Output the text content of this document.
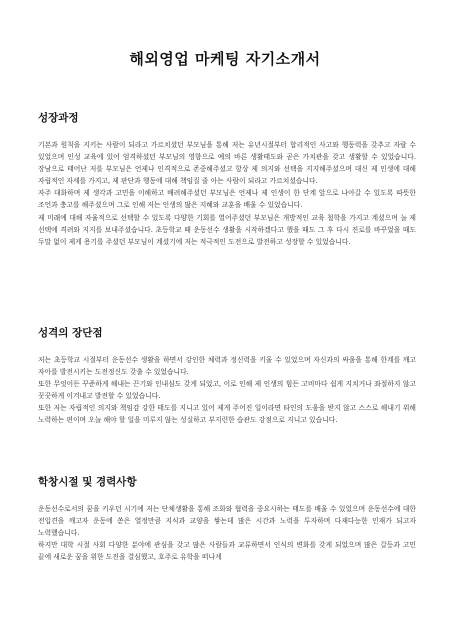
해외영업 마케팅 자기소개서
성장과정

기본과 원칙을 지키는 사람이 되라고 가르치셨던 부모님을 통해 저는 유년시절부터 합리적인 사고와 행동력을 갖추고 자랄 수 있었으며 인성 교육에 있어 엄격하셨던 부모님의 영향으로 예의 바른 생활태도와 곧은 가치관을 갖고 생활할 수 있었습니다. 장남으로 태어난 저를 부모님은 언제나 인격적으로 존중해주셨고 항상 제 의지와 선택을 지지해주셨으며 대신 제 인생에 대해 자립적인 자세를 가지고, 제 판단과 행동에 대해 책임질 줄 아는 사람이 되라고 가르치셨습니다.

자주 대화하며 제 생각과 고민을 이해하고 배려해주셨던 부모님은 언제나 제 인생이 한 단계 앞으로 나아갈 수 있도록 따뜻한 조언과 충고를 해주셨으며 그로 인해 저는 인생의 많은 지혜와 교훈을 배울 수 있었습니다.

제 미래에 대해 자율적으로 선택할 수 있도록 다양한 기회를 열어주셨던 부모님은 개방적인 교육 철학을 가지고 계셨으며 늘 제 선택에 격려와 지지를 보내주셨습니다. 초등학교 때 운동선수 생활을 시작하겠다고 했을 때도 그 후 다시 진로를 바꾸었을 때도 두말 없이 제게 용기를 주셨던 부모님이 계셨기에 저는 적극적인 도전으로 발전하고 성장할 수 있었습니다.

성격의 장단점

저는 초등학교 시절부터 운동선수 생활을 하면서 강인한 체력과 정신력을 키울 수 있었으며 자신과의 싸움을 통해 한계를 깨고 자아를 발전시키는 도전정신도 갖출 수 있었습니다.

또한 무엇이든 꾸준하게 해내는 끈기와 인내심도 갖게 되었고, 이로 인해 제 인생의 힘든 고비마다 쉽게 지치거나 좌절하지 않고 꿋꿋하게 이겨내고 발전할 수 있었습니다.

또한 저는 자립적인 의지와 책임감 강한 태도를 지니고 있어 제게 주어진 일이라면 타인의 도움을 받지 않고 스스로 해내기 위해 노력하는 편이며 오늘 해야 할 일을 미루지 않는 성실하고 부지런한 습관도 강점으로 지니고 있습니다.

학창시절 및 경력사항

운동선수로서의 꿈을 키우던 시기에 저는 단체생활을 통해 조화와 협력을 중요시하는 태도를 배울 수 있었으며 운동선수에 대한 전입견을 깨고자 운동에 쏟은 열정만큼 지식과 교양을 쌓는데 많은 시간과 노력을 투자하며 다재다능한 인재가 되고자 노력했습니다.

하지만 대학 시절 사회 다양한 분야에 관심을 갖고 많은 사람들과 교류하면서 인식의 변화를 갖게 되었으며 많은 갈등과 고민 끝에 새로운 꿈을 위한 도전을 결심했고, 호주로 유학을 떠나게
